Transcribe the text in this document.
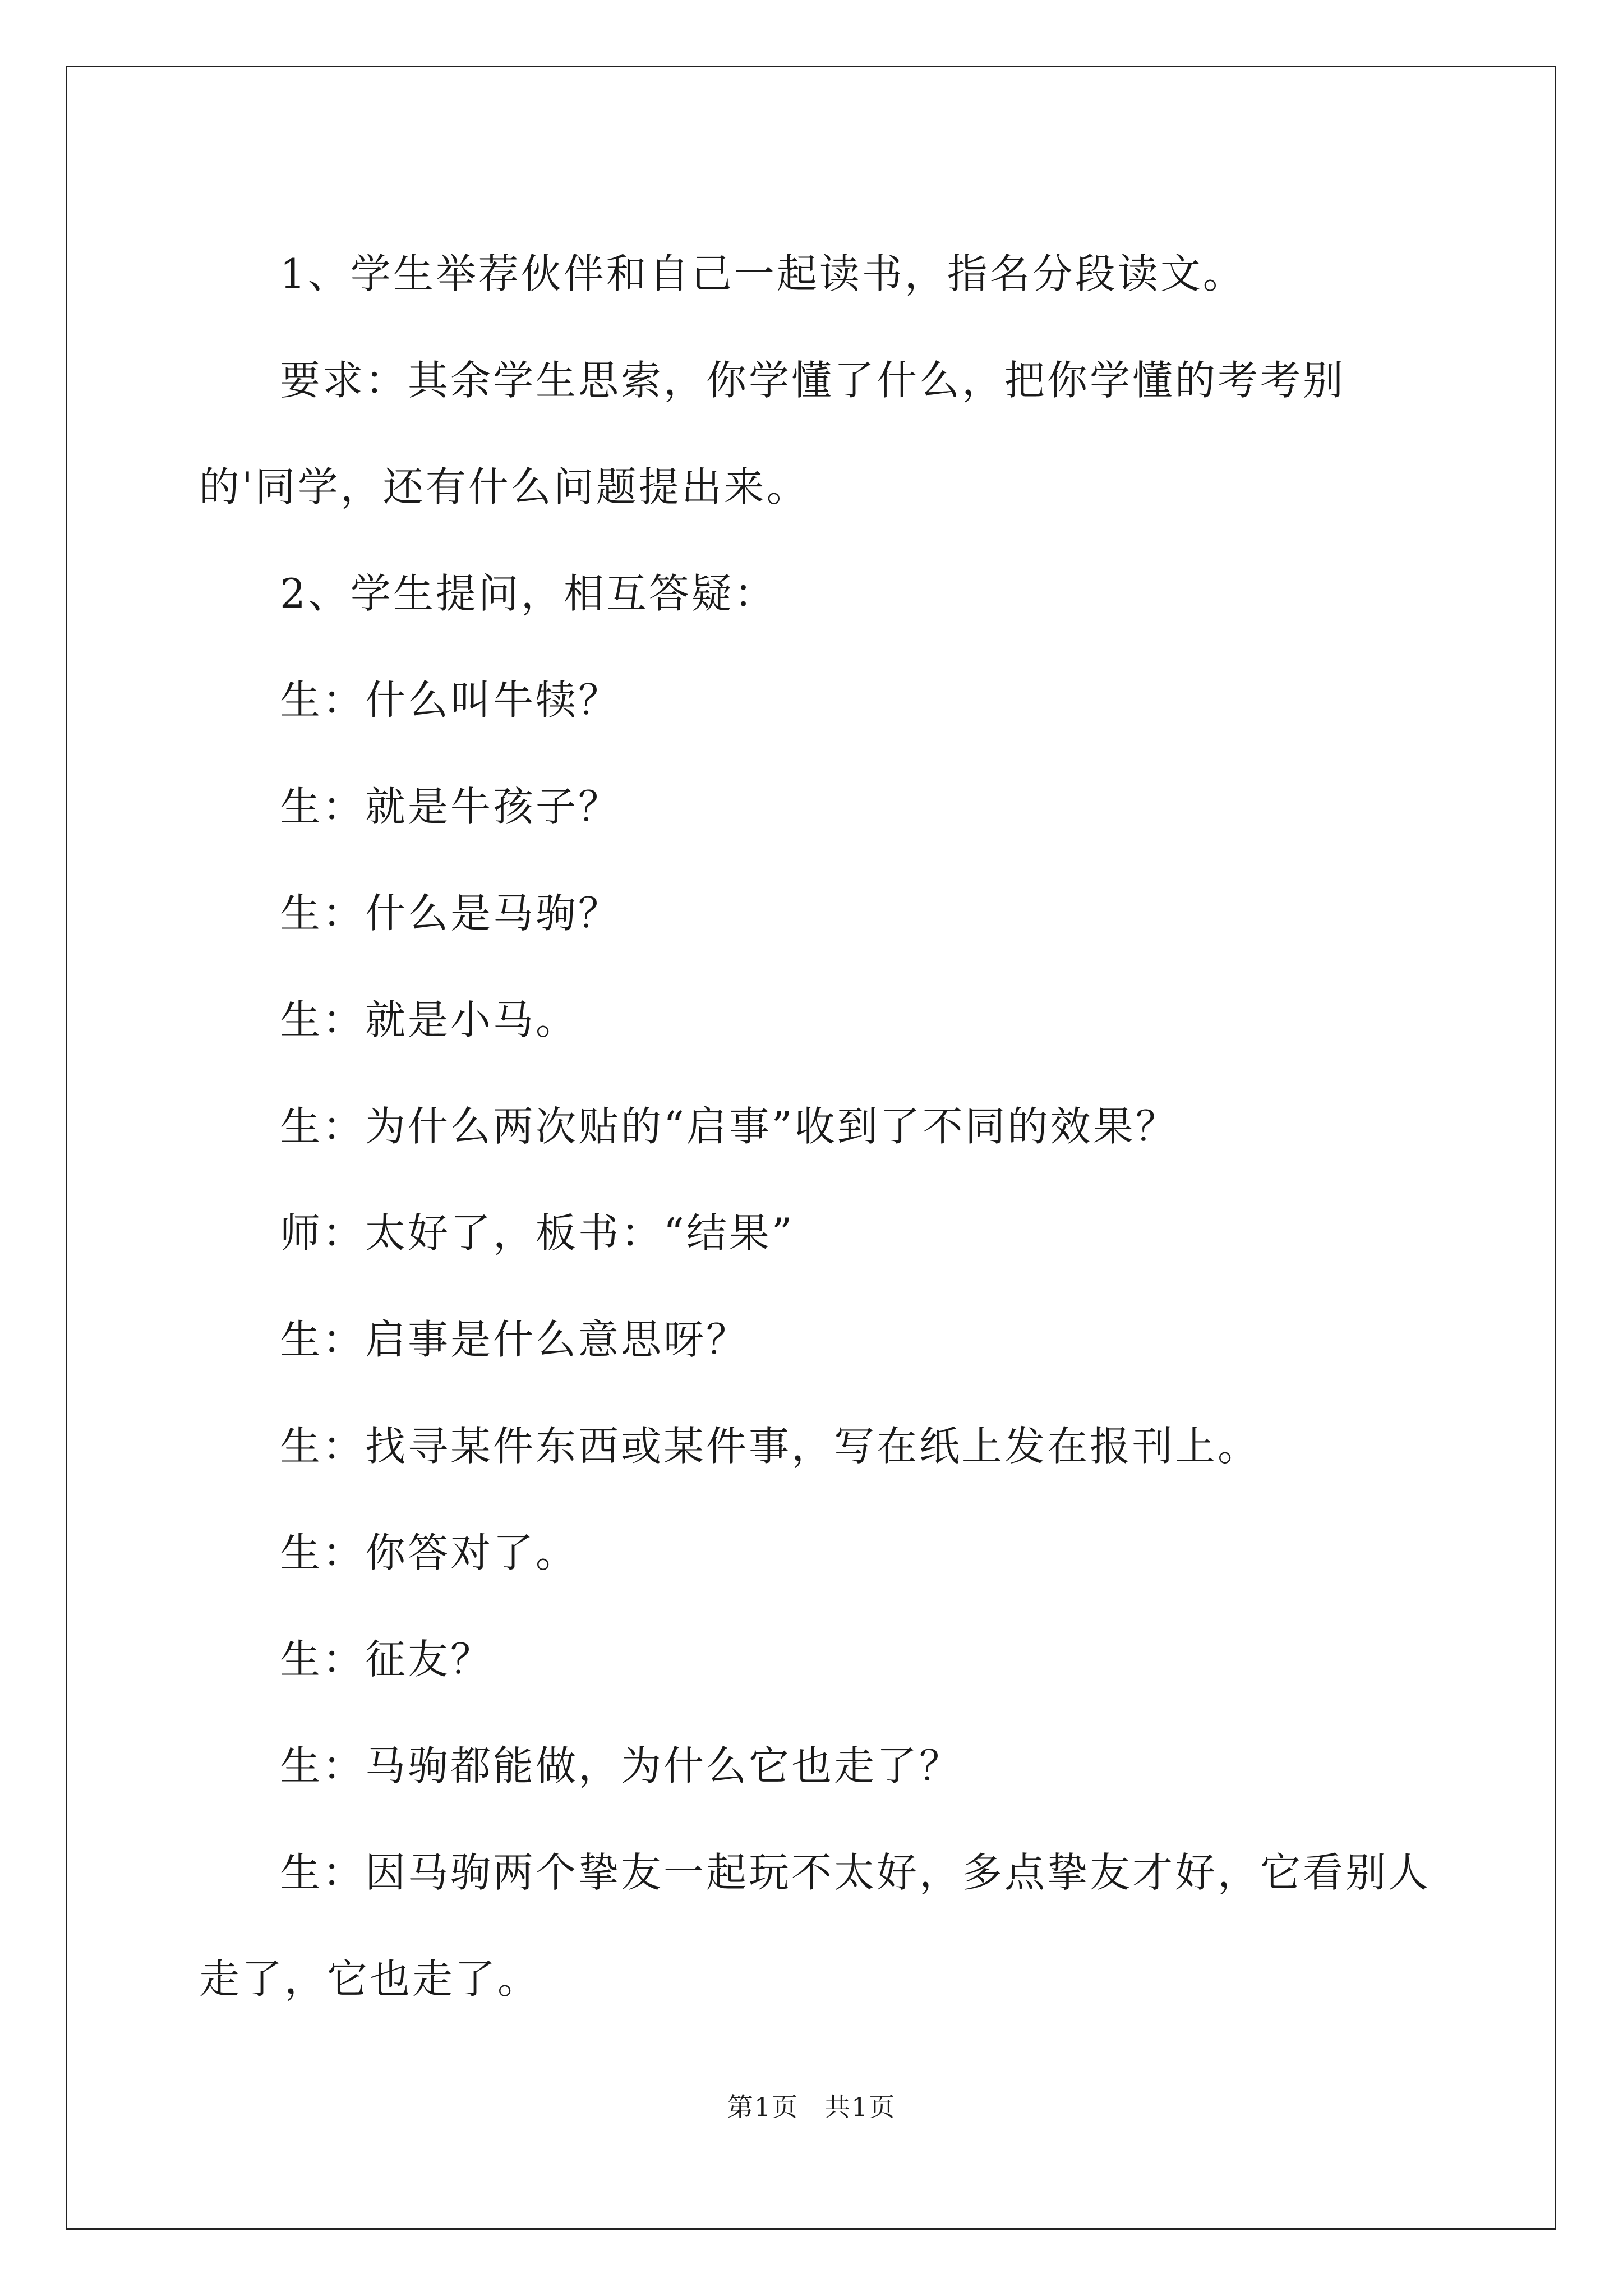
1、学生举荐伙伴和自己一起读书，指名分段读文。

要求：其余学生思索，你学懂了什么，把你学懂的考考别的'同学，还有什么问题提出来。

2、学生提问，相互答疑：

生：什么叫牛犊？

生：就是牛孩子？

生：什么是马驹？

生：就是小马。

生：为什么两次贴的“启事”收到了不同的效果？

师：太好了，板书：“结果”

生：启事是什么意思呀？

生：找寻某件东西或某件事，写在纸上发在报刊上。

生：你答对了。

生：征友？

生：马驹都能做，为什么它也走了？

生：因马驹两个挚友一起玩不太好，多点挚友才好，它看别人走了，它也走了。

第1页 共1页
